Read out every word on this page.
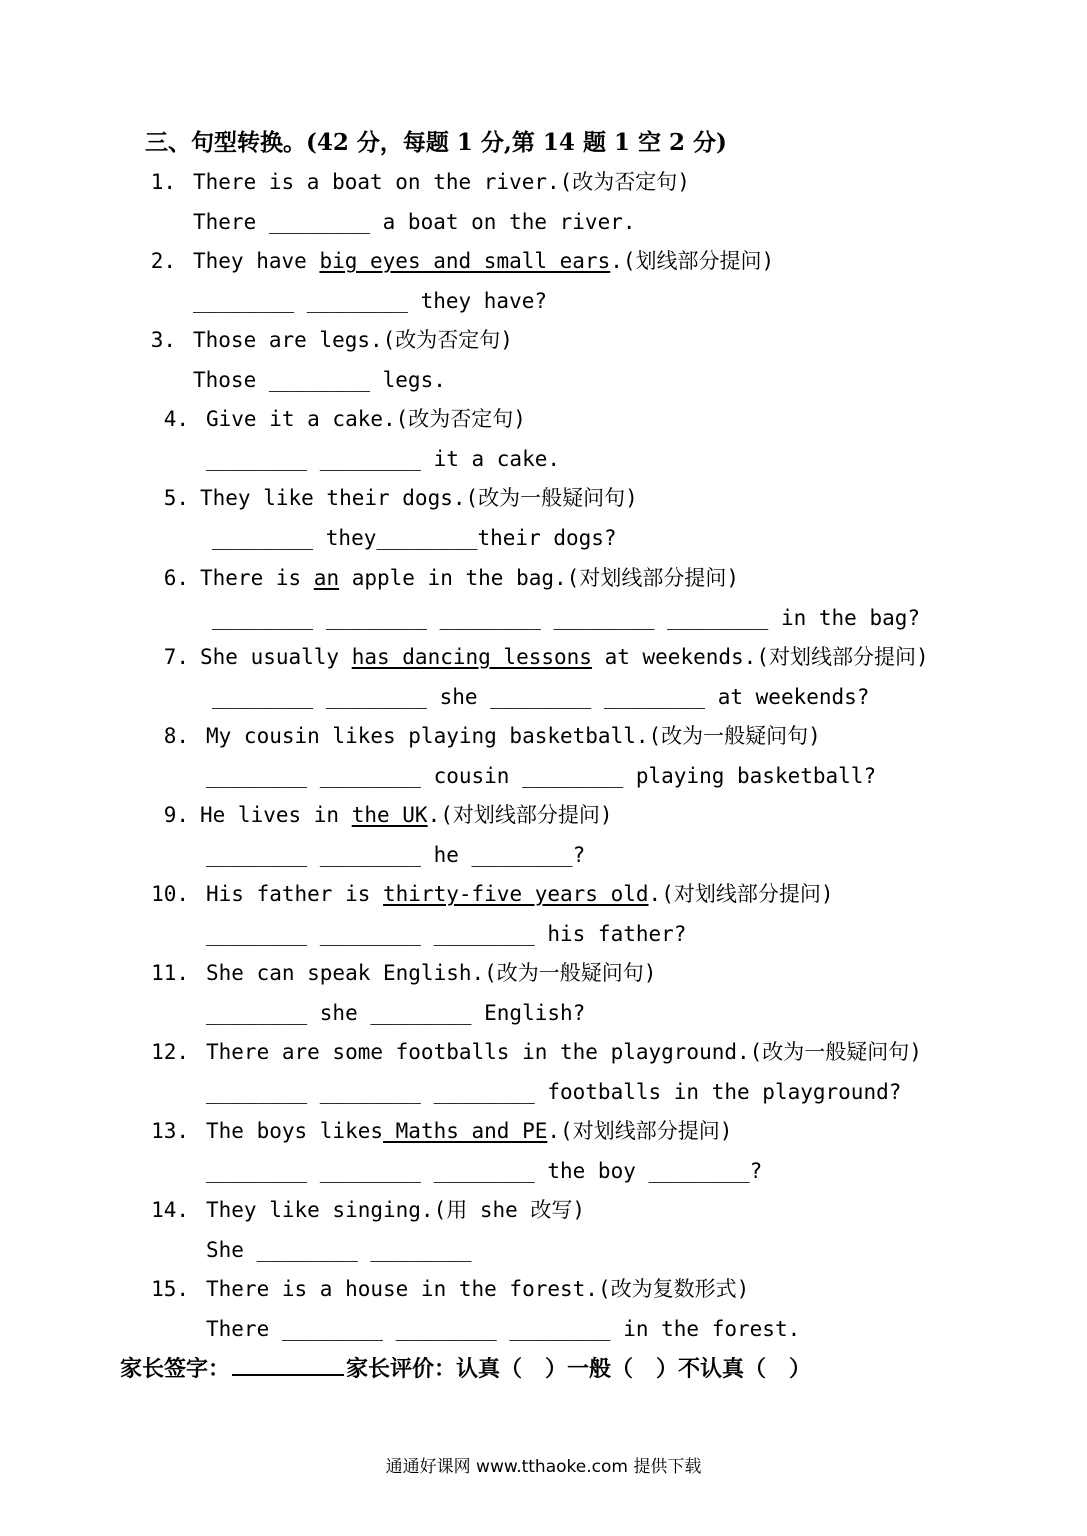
三、句型转换。(42 分，每题 1 分,第 14 题 1 空 2 分)
1. There is a boat on the river.(改为否定句)
There ________ a boat on the river.
2. They have big eyes and small ears.(划线部分提问)
________ ________ they have?
3. Those are legs.(改为否定句)
Those ________ legs.
4. Give it a cake.(改为否定句)
________ ________ it a cake.
5. They like their dogs.(改为一般疑问句)
________ they________their dogs?
6. There is an apple in the bag.(对划线部分提问)
________ ________ ________ ________ ________ in the bag?
7. She usually has dancing lessons at weekends.(对划线部分提问)
________ ________ she ________ ________ at weekends?
8. My cousin likes playing basketball.(改为一般疑问句)
________ ________ cousin ________ playing basketball?
9. He lives in the UK.(对划线部分提问)
________ ________ he ________?
10. His father is thirty-five years old.(对划线部分提问)
________ ________ ________ his father?
11. She can speak English.(改为一般疑问句)
________ she ________ English?
12. There are some footballs in the playground.(改为一般疑问句)
________ ________ ________ footballs in the playground?
13. The boys likes Maths and PE.(对划线部分提问)
________ ________ ________ the boy ________?
14. They like singing.(用 she 改写)
She ________ ________
15. There is a house in the forest.(改为复数形式)
There ________ ________ ________ in the forest.
家长签字：	家长评价：认真（   ）一般（   ）不认真（   ）
通通好课网 www.tthaoke.com 提供下载
